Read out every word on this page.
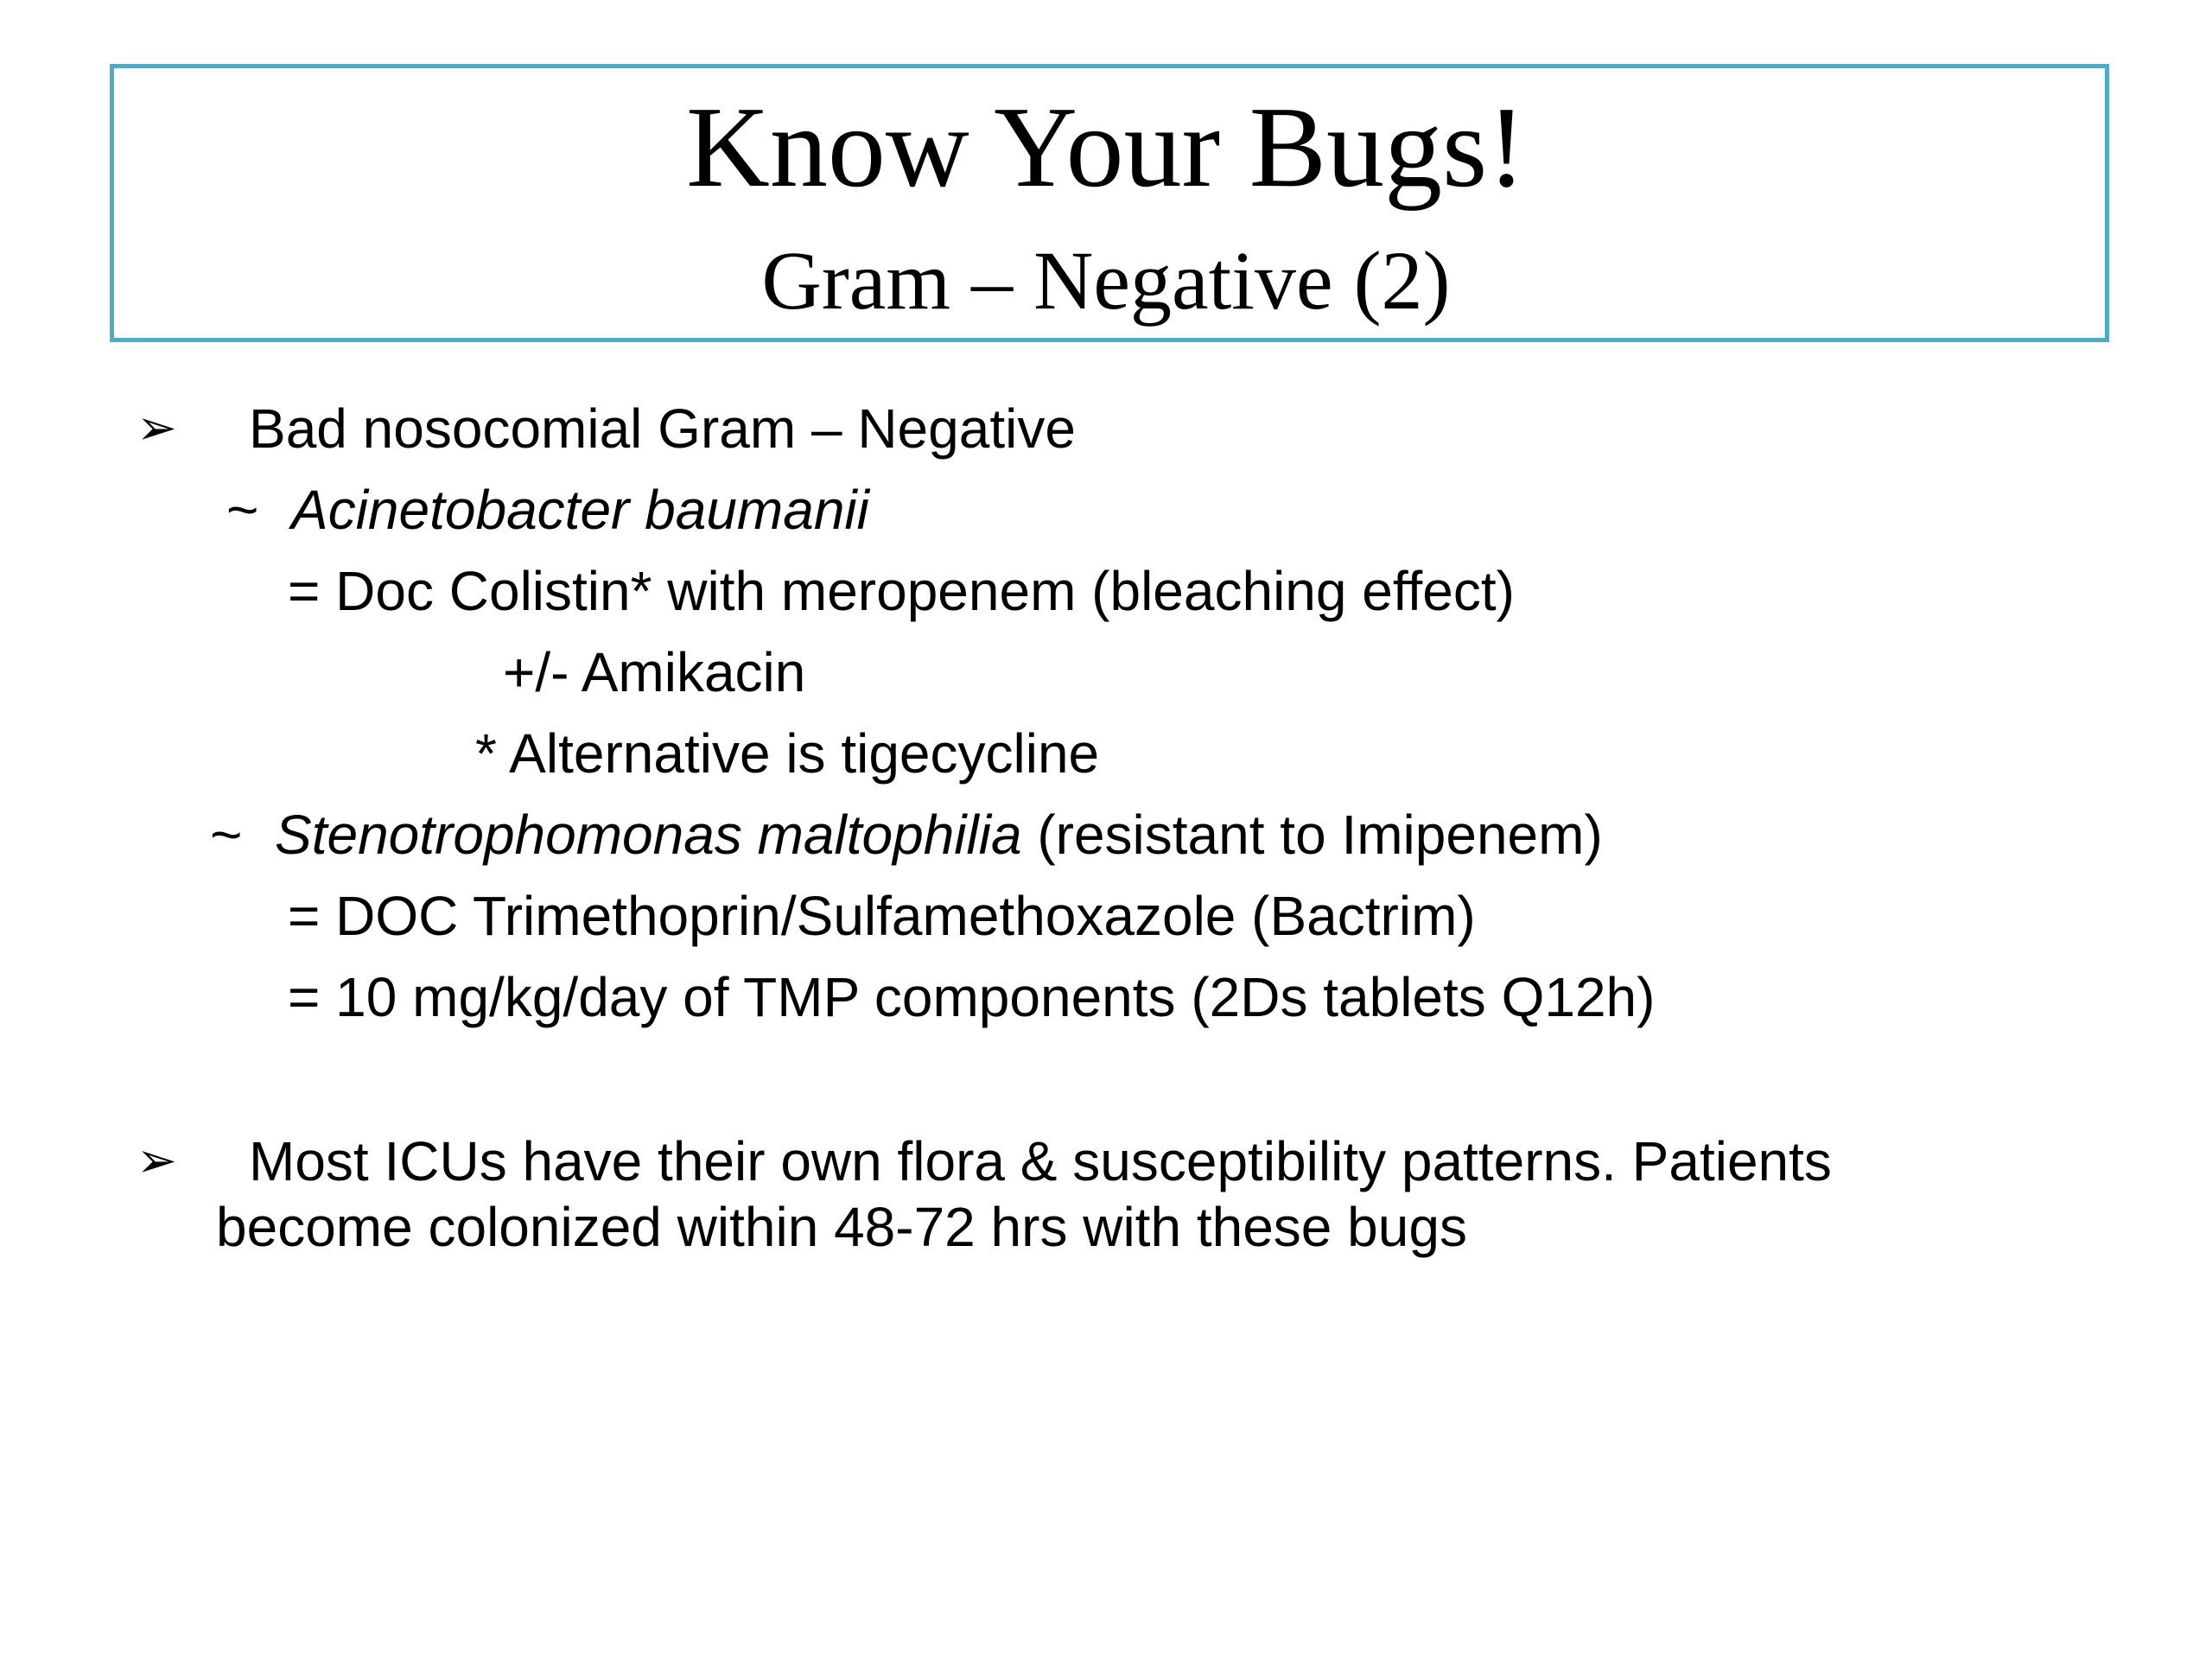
Know Your Bugs!
Gram – Negative (2)
➢ Bad nosocomial Gram – Negative
~ Acinetobacter baumanii
= Doc Colistin* with meropenem (bleaching effect)
+/- Amikacin
* Alternative is tigecycline
~ Stenotrophomonas maltophilia (resistant to Imipenem)
= DOC Trimethoprin/Sulfamethoxazole (Bactrim)
= 10 mg/kg/day of TMP components (2Ds tablets Q12h)
➢ Most ICUs have their own flora & susceptibility patterns. Patients
become colonized within 48-72 hrs with these bugs
